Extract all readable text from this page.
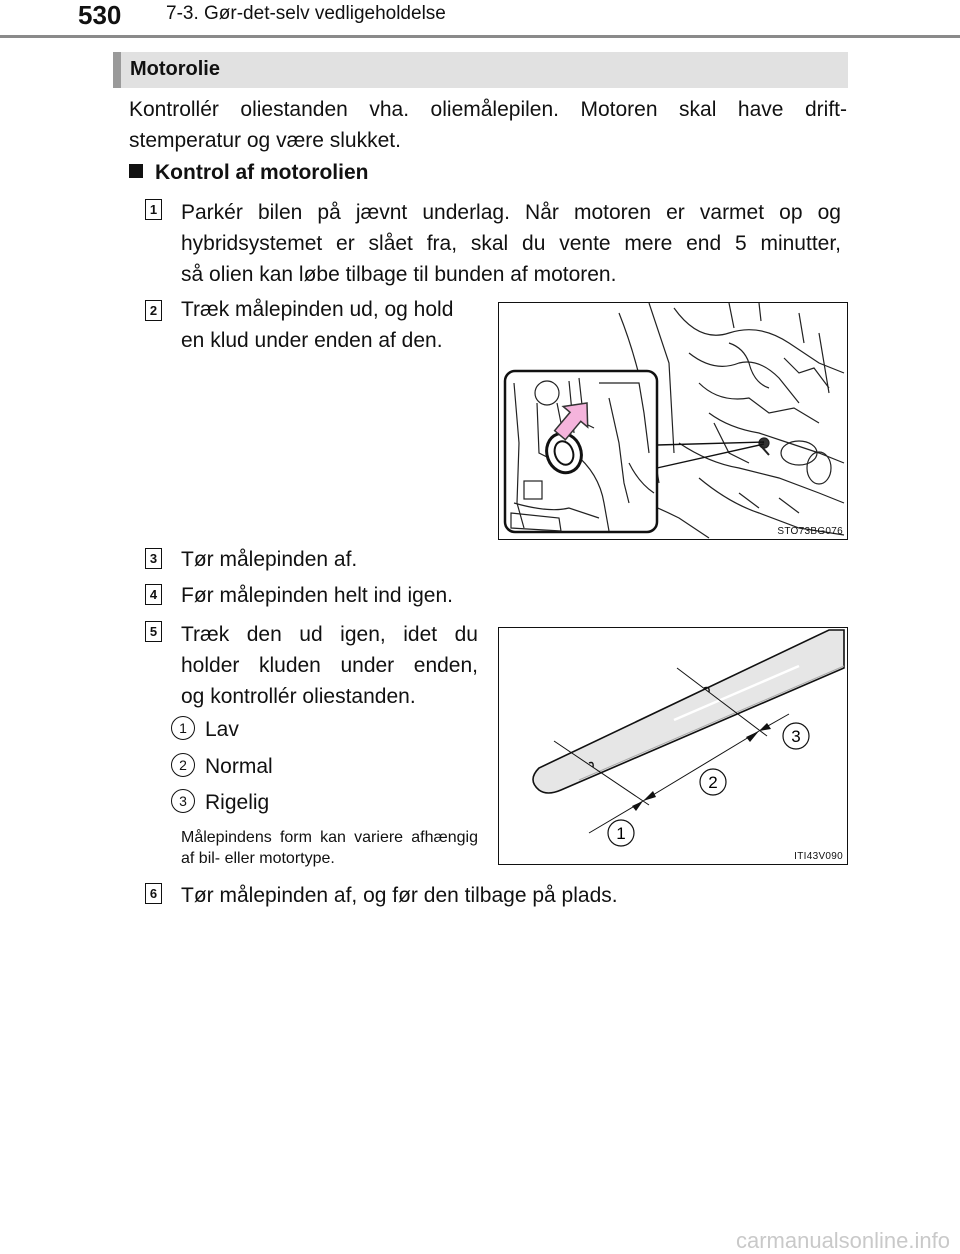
530 7-3. Gør-det-selv vedligeholdelse
Motorolie
Kontrollér oliestanden vha. oliemålepilen. Motoren skal have drift-stemperatur og være slukket.
Kontrol af motorolien
1 Parkér bilen på jævnt underlag. Når motoren er varmet op og
hybridsystemet er slået fra, skal du vente mere end 5 minutter,
så olien kan løbe tilbage til bunden af motoren.
2 Træk målepinden ud, og hold
en klud under enden af den.
STO73BG076
3 Tør målepinden af.
4 Før målepinden helt ind igen.
5 Træk den ud igen, idet du
holder kluden under enden,
og kontrollér oliestanden.
1 Lav
2 Normal
3 Rigelig
Målepindens form kan variere afhængig af bil- eller motortype.
1
2
3
ITI43V090
6 Tør målepinden af, og før den tilbage på plads.
carmanualsonline.info
